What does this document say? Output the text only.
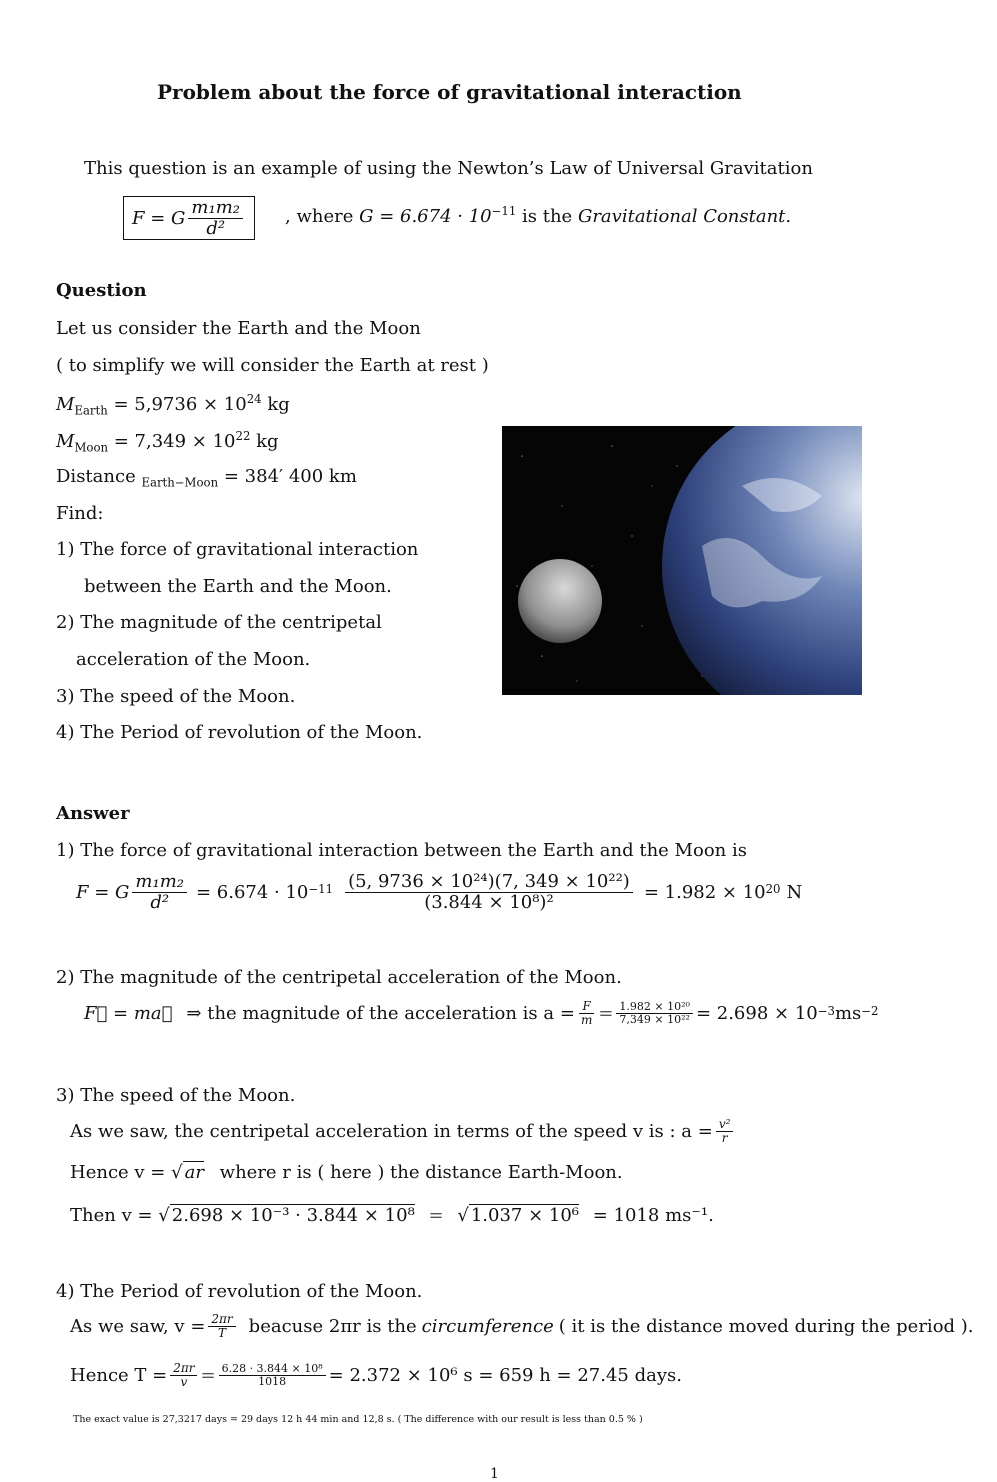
Problem about the force of gravitational interaction
This question is an example of using the Newton’s Law of Universal Gravitation
F = G $\frac{\text{m₁m₂}}{\text{d²}}$ , where $G = 6.674 \cdot 10^{-11}$ is the Gravitational Constant.
Question
Let us consider the Earth and the Moon
( to simplify we will consider the Earth at rest )
$M_{Earth} = 5,9736 \times 10^{24}$ kg
$M_{Moon} = 7,349 \times 10^{22}$ kg
Distance $_{Earth-Moon}$ = 384′ 400 km
Find:
1) The force of gravitational interaction
between the Earth and the Moon.
2) The magnitude of the centripetal
acceleration of the Moon.
3) The speed of the Moon.
4) The Period of revolution of the Moon.
Answer
1) The force of gravitational interaction between the Earth and the Moon is
F = G $\frac{\text{m₁m₂}}{\text{d²}} = 6.674 \cdot 10 -11 \frac{\text{(5, 9736 × 10²⁴)(7, 349 × 10²²)}}{\text{(3.844 × 10⁸)²}} = 1.982 \times 10$ 20 N
2) The magnitude of the centripetal acceleration of the Moon.
F⃗ = ma⃗ ⇒ the magnitude of the acceleration is $a = \frac{F}{m} = \frac{\text{1.982 × 10²⁰}}{\text{7,349 × 10²²}} = 2.698 \times 10 -3$ ms −2
3) The speed of the Moon.
As we saw, the centripetal acceleration in terms of the speed v is : $a = \frac{\text{v²}}{r}$
Hence v = √ ar where r is ( here ) the distance Earth-Moon.
Then v = √ 2.698 × 10⁻³ · 3.844 × 10⁸ = √ 1.037 × 10⁶ = 1018 ms⁻¹.
4) The Period of revolution of the Moon.
As we saw, $v = \frac{2\pi r}{T}$ beacuse 2πr is the circumference ( it is the distance moved during the period ).
Hence $T = \frac{2\pi r}{v} = \frac{\text{6.28 · 3.844 × 10⁸}}{1018} = 2.372 \times 10^6$ s = 659 h = 27.45 days.
The exact value is 27,3217 days = 29 days 12 h 44 min and 12,8 s. ( The difference with our result is less than 0.5 % )
1
